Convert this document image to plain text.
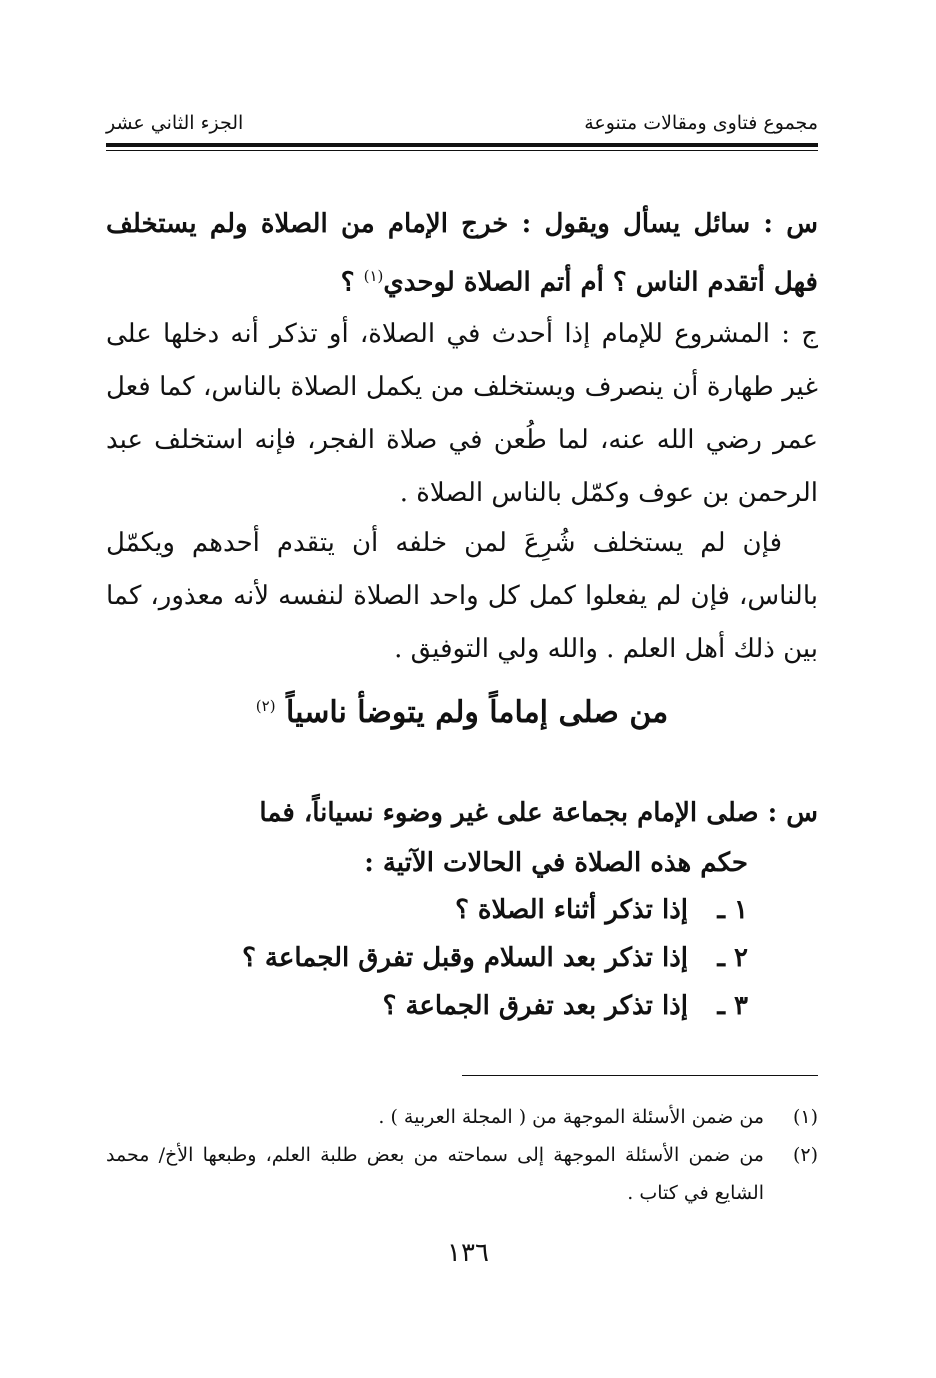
مجموع فتاوى ومقالات متنوعة
الجزء الثاني عشر
س : سائل يسأل ويقول : خرج الإمام من الصلاة ولم يستخلف فهل أتقدم الناس ؟ أم أتم الصلاة لوحدي$^{(١)}$ ؟
ج : المشروع للإمام إذا أحدث في الصلاة، أو تذكر أنه دخلها على غير طهارة أن ينصرف ويستخلف من يكمل الصلاة بالناس، كما فعل عمر رضي الله عنه، لما طُعن في صلاة الفجر، فإنه استخلف عبد الرحمن بن عوف وكمّل بالناس الصلاة .
فإن لم يستخلف شُرِعَ لمن خلفه أن يتقدم أحدهم ويكمّل بالناس، فإن لم يفعلوا كمل كل واحد الصلاة لنفسه لأنه معذور، كما بين ذلك أهل العلم . والله ولي التوفيق .
من صلى إماماً ولم يتوضأ ناسياً $^{(٢)}$
س : صلى الإمام بجماعة على غير وضوء نسياناً، فما
حكم هذه الصلاة في الحالات الآتية :
١ ـإذا تذكر أثناء الصلاة ؟
٢ ـإذا تذكر بعد السلام وقبل تفرق الجماعة ؟
٣ ـإذا تذكر بعد تفرق الجماعة ؟
(١)
من ضمن الأسئلة الموجهة من ( المجلة العربية ) .
(٢)
من ضمن الأسئلة الموجهة إلى سماحته من بعض طلبة العلم، وطبعها الأخ/ محمد الشايع في كتاب .
١٣٦
